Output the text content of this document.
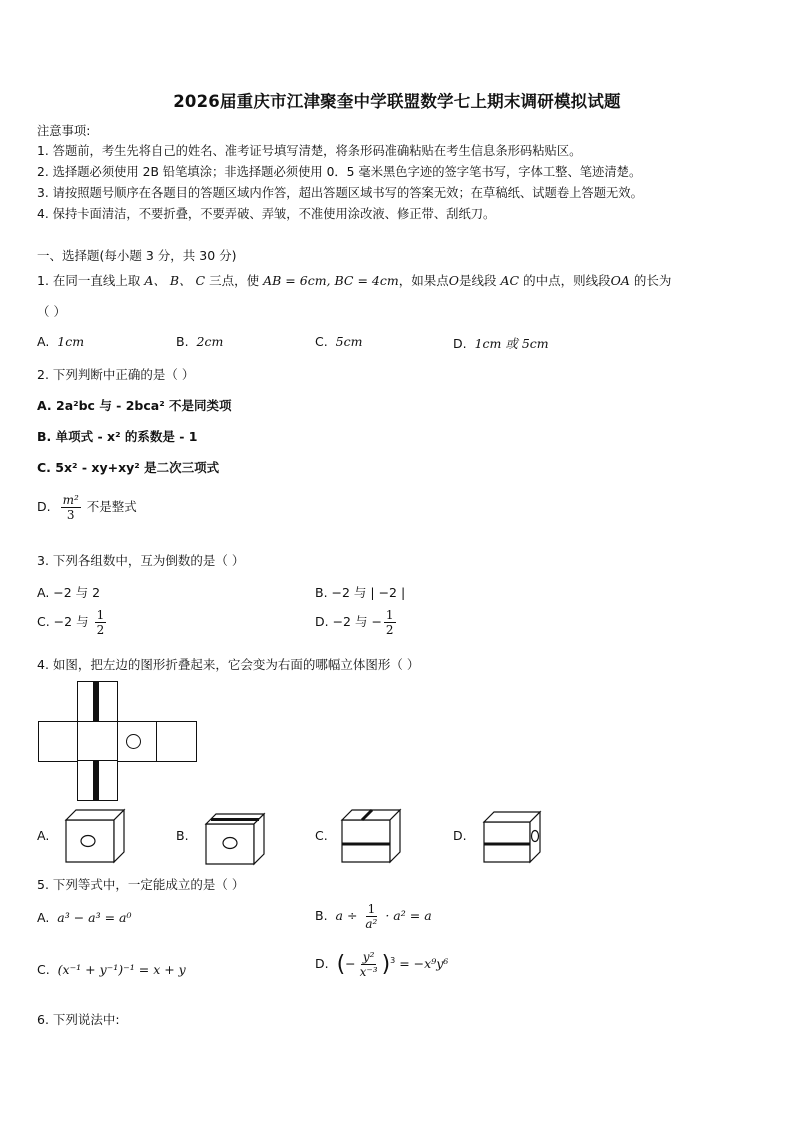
2026届重庆市江津聚奎中学联盟数学七上期末调研模拟试题
注意事项:
1. 答题前，考生先将自己的姓名、准考证号填写清楚，将条形码准确粘贴在考生信息条形码粘贴区。
2. 选择题必须使用 2B 铅笔填涂；非选择题必须使用 0．5 毫米黑色字迹的签字笔书写，字体工整、笔迹清楚。
3. 请按照题号顺序在各题目的答题区域内作答，超出答题区域书写的答案无效；在草稿纸、试题卷上答题无效。
4. 保持卡面清洁，不要折叠，不要弄破、弄皱，不准使用涂改液、修正带、刮纸刀。
一、选择题(每小题 3 分，共 30 分)
1. 在同一直线上取 A、 B、 C 三点，使 AB = 6cm, BC = 4cm，如果点O是线段 AC 的中点，则线段OA 的长为
（ ）
A. 1cm	B. 2cm	C. 5cm	D. 1cm 或 5cm
2. 下列判断中正确的是（ ）
A. 2a²bc 与 - 2bca² 不是同类项
B. 单项式 - x² 的系数是 - 1
C. 5x² - xy+xy² 是二次三项式
D. $\frac{\text{m²}}{3}$ 不是整式
3. 下列各组数中，互为倒数的是（ ）
A. −2 与 2	B. −2 与 | −2 |
C. −2 与 $\frac{1}{2}$	D. −2 与 − $\frac{1}{2}$
4. 如图，把左边的图形折叠起来，它会变为右面的哪幅立体图形（ ）
A.	B.	C.	D.
5. 下列等式中，一定能成立的是（ ）
A. a³ − a³ = a⁰	B. $a \div \frac{1}{\text{a²}} \cdot a^2 = a$
C. (x⁻¹ + y⁻¹)⁻¹ = x + y	D. (− $\frac{\text{y²}}{\text{x⁻³}} )^3 = -x^9y^6$
6. 下列说法中:
